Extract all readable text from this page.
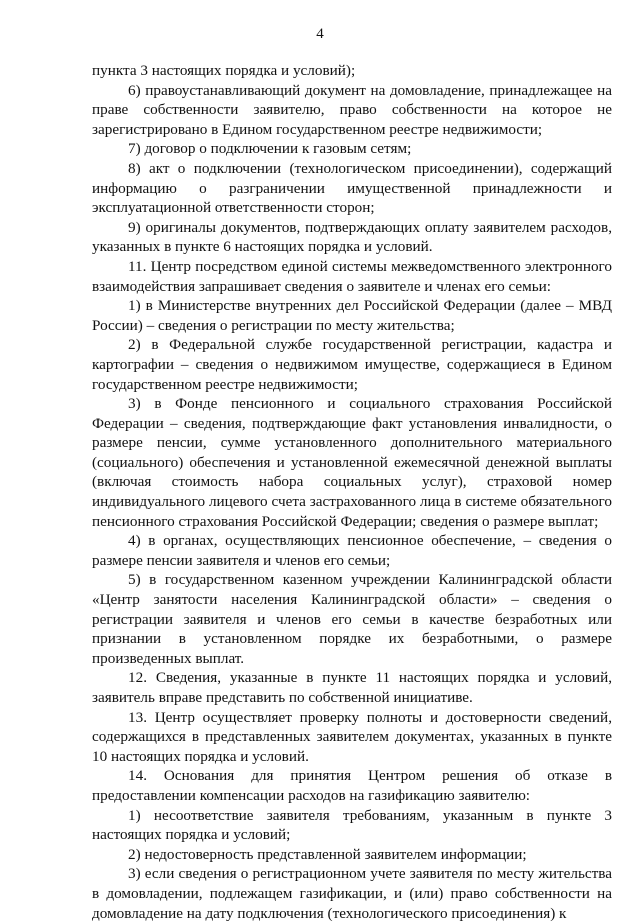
4

пункта 3 настоящих порядка и условий);

6) правоустанавливающий документ на домовладение, принадлежащее на праве собственности заявителю, право собственности на которое не зарегистрировано в Едином государственном реестре недвижимости;

7) договор о подключении к газовым сетям;

8) акт о подключении (технологическом присоединении), содержащий информацию о разграничении имущественной принадлежности и эксплуатационной ответственности сторон;

9) оригиналы документов, подтверждающих оплату заявителем расходов, указанных в пункте 6 настоящих порядка и условий.

11. Центр посредством единой системы межведомственного электронного взаимодействия запрашивает сведения о заявителе и членах его семьи:

1) в Министерстве внутренних дел Российской Федерации (далее – МВД России) – сведения о регистрации по месту жительства;

2) в Федеральной службе государственной регистрации, кадастра и картографии – сведения о недвижимом имуществе, содержащиеся в Едином государственном реестре недвижимости;

3) в Фонде пенсионного и социального страхования Российской Федерации – сведения, подтверждающие факт установления инвалидности, о размере пенсии, сумме установленного дополнительного материального (социального) обеспечения и установленной ежемесячной денежной выплаты (включая стоимость набора социальных услуг), страховой номер индивидуального лицевого счета застрахованного лица в системе обязательного пенсионного страхования Российской Федерации; сведения о размере выплат;

4) в органах, осуществляющих пенсионное обеспечение, – сведения о размере пенсии заявителя и членов его семьи;

5) в государственном казенном учреждении Калининградской области «Центр занятости населения Калининградской области» – сведения о регистрации заявителя и членов его семьи в качестве безработных или признании в установленном порядке их безработными, о размере произведенных выплат.

12. Сведения, указанные в пункте 11 настоящих порядка и условий, заявитель вправе представить по собственной инициативе.

13. Центр осуществляет проверку полноты и достоверности сведений, содержащихся в представленных заявителем документах, указанных в пункте 10 настоящих порядка и условий.

14. Основания для принятия Центром решения об отказе в предоставлении компенсации расходов на газификацию заявителю:

1) несоответствие заявителя требованиям, указанным в пункте 3 настоящих порядка и условий;

2) недостоверность представленной заявителем информации;

3) если сведения о регистрационном учете заявителя по месту жительства в домовладении, подлежащем газификации, и (или) право собственности на домовладение на дату подключения (технологического присоединения) к
